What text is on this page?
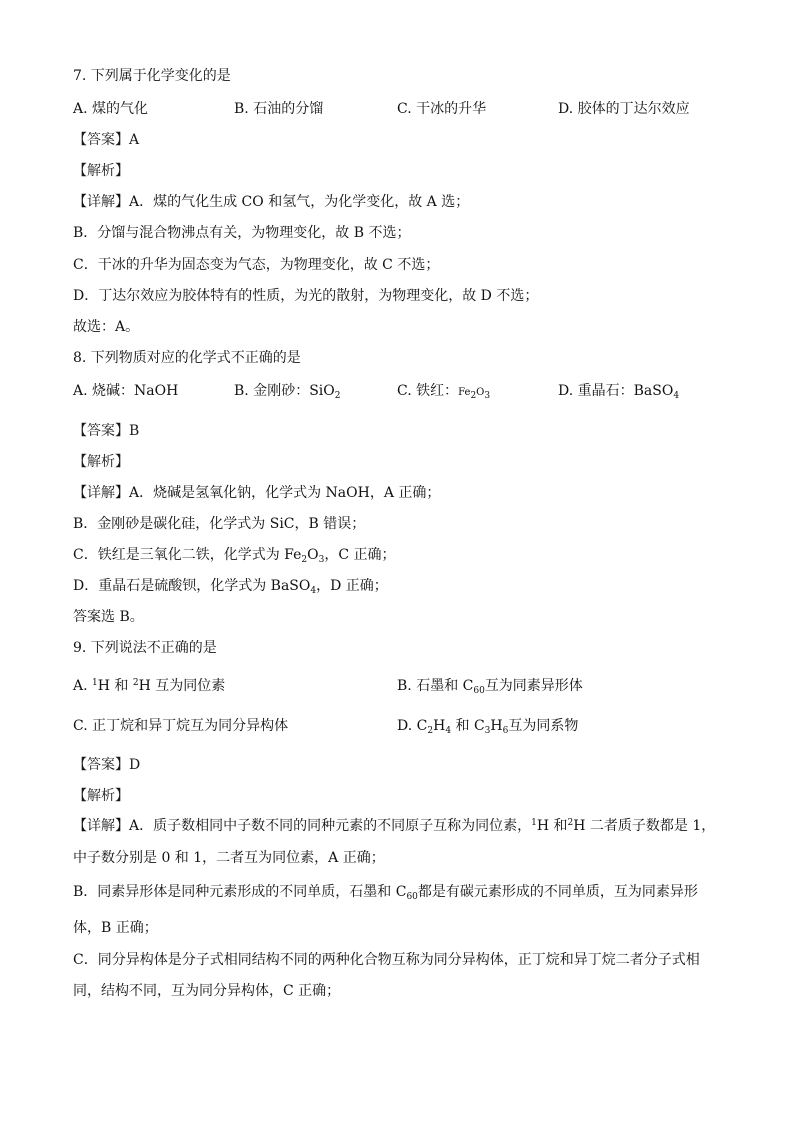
7. 下列属于化学变化的是
A. 煤的气化	B. 石油的分馏	C. 干冰的升华	D. 胶体的丁达尔效应
【答案】A
【解析】
【详解】A．煤的气化生成 CO 和氢气，为化学变化，故 A 选；
B．分馏与混合物沸点有关，为物理变化，故 B 不选；
C．干冰的升华为固态变为气态，为物理变化，故 C 不选；
D．丁达尔效应为胶体特有的性质，为光的散射，为物理变化，故 D 不选；
故选：A。
8. 下列物质对应的化学式不正确的是
A. 烧碱：NaOH	B. 金刚砂：SiO$_2$	C. 铁红：$Fe_2O_3$	D. 重晶石：BaSO$_4$
【答案】B
【解析】
【详解】A．烧碱是氢氧化钠，化学式为 NaOH，A 正确；
B．金刚砂是碳化硅，化学式为 SiC，B 错误；
C．铁红是三氧化二铁，化学式为 $Fe_2O_3$，C 正确；
D．重晶石是硫酸钡，化学式为 BaSO$_4$，D 正确；
答案选 B。
9. 下列说法不正确的是
A. $^1$H 和 $^2$H 互为同位素	B. 石墨和 $C_{60}$互为同素异形体
C. 正丁烷和异丁烷互为同分异构体	D. $C_2H_4$ 和 $C_3H_6$互为同系物
【答案】D
【解析】
【详解】A．质子数相同中子数不同的同种元素的不同原子互称为同位素，$^1$H 和$^2$H 二者质子数都是 1，
中子数分别是 0 和 1，二者互为同位素，A 正确；
B．同素异形体是同种元素形成的不同单质，石墨和 $C_{60}$都是有碳元素形成的不同单质，互为同素异形
体，B 正确；
C．同分异构体是分子式相同结构不同的两种化合物互称为同分异构体，正丁烷和异丁烷二者分子式相
同，结构不同，互为同分异构体，C 正确；
